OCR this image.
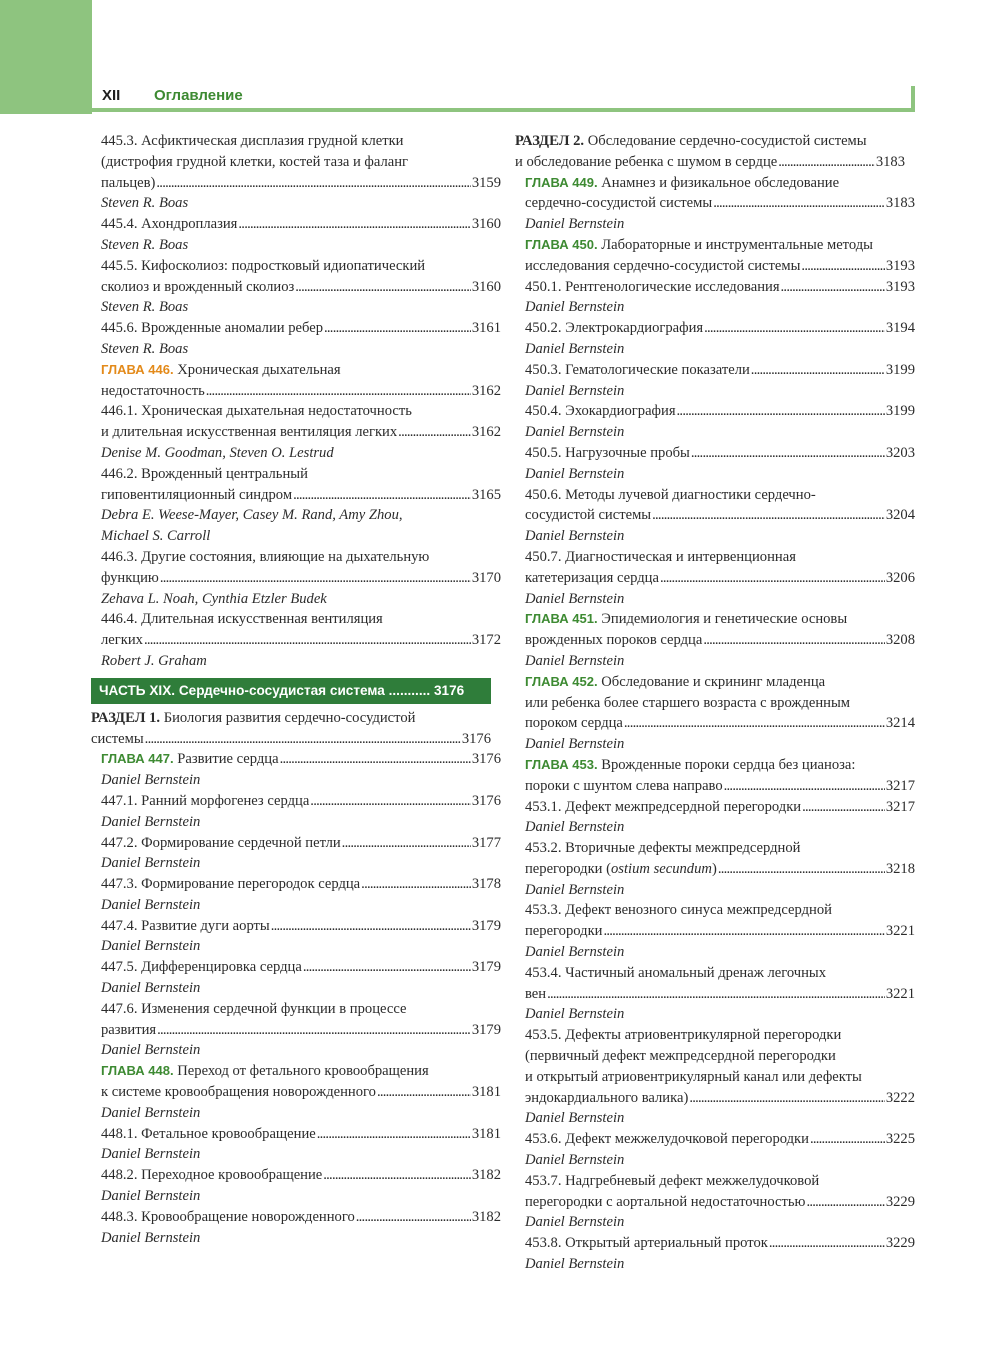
XII Оглавление
445.3. Асфиктическая дисплазия грудной клетки
(дистрофия грудной клетки, костей таза и фаланг
пальцев) . . .	3159
Steven R. Boas
445.4. Ахондроплазия . . .	3160
Steven R. Boas
445.5. Кифосколиоз: подростковый идиопатический
сколиоз и врожденный сколиоз . . .	3160
Steven R. Boas
445.6. Врожденные аномалии ребер . . .	3161
Steven R. Boas
ГЛАВА 446. Хроническая дыхательная
недостаточность . . .	3162
446.1. Хроническая дыхательная недостаточность
и длительная искусственная вентиляция легких . . .	3162
Denise M. Goodman, Steven O. Lestrud
446.2. Врожденный центральный
гиповентиляционный синдром . . .	3165
Debra E. Weese-Mayer, Casey M. Rand, Amy Zhou,
Michael S. Carroll
446.3. Другие состояния, влияющие на дыхательную
функцию . . .	3170
Zehava L. Noah, Cynthia Etzler Budek
446.4. Длительная искусственная вентиляция
легких . . .	3172
Robert J. Graham
ЧАСТЬ XIX. Сердечно-сосудистая система ........... 3176
РАЗДЕЛ 1. Биология развития сердечно-сосудистой
системы . . .	3176
ГЛАВА 447. Развитие сердца . . .	3176
Daniel Bernstein
447.1. Ранний морфогенез сердца . . .	3176
Daniel Bernstein
447.2. Формирование сердечной петли . . .	3177
Daniel Bernstein
447.3. Формирование перегородок сердца . . .	3178
Daniel Bernstein
447.4. Развитие дуги аорты . . .	3179
Daniel Bernstein
447.5. Дифференцировка сердца . . .	3179
Daniel Bernstein
447.6. Изменения сердечной функции в процессе
развития . . .	3179
Daniel Bernstein
ГЛАВА 448. Переход от фетального кровообращения
к системе кровообращения новорожденного . . .	3181
Daniel Bernstein
448.1. Фетальное кровообращение . . .	3181
Daniel Bernstein
448.2. Переходное кровообращение . . .	3182
Daniel Bernstein
448.3. Кровообращение новорожденного . . .	3182
Daniel Bernstein
РАЗДЕЛ 2. Обследование сердечно-сосудистой системы
и обследование ребенка с шумом в сердце . . .	3183
ГЛАВА 449. Анамнез и физикальное обследование
сердечно-сосудистой системы . . .	3183
Daniel Bernstein
ГЛАВА 450. Лабораторные и инструментальные методы
исследования сердечно-сосудистой системы . . .	3193
450.1. Рентгенологические исследования . . .	3193
Daniel Bernstein
450.2. Электрокардиография . . .	3194
Daniel Bernstein
450.3. Гематологические показатели . . .	3199
Daniel Bernstein
450.4. Эхокардиография . . .	3199
Daniel Bernstein
450.5. Нагрузочные пробы . . .	3203
Daniel Bernstein
450.6. Методы лучевой диагностики сердечно-
сосудистой системы . . .	3204
Daniel Bernstein
450.7. Диагностическая и интервенционная
катетеризация сердца . . .	3206
Daniel Bernstein
ГЛАВА 451. Эпидемиология и генетические основы
врожденных пороков сердца . . .	3208
Daniel Bernstein
ГЛАВА 452. Обследование и скрининг младенца
или ребенка более старшего возраста с врожденным
пороком сердца . . .	3214
Daniel Bernstein
ГЛАВА 453. Врожденные пороки сердца без цианоза:
пороки с шунтом слева направо . . .	3217
453.1. Дефект межпредсердной перегородки . . .	3217
Daniel Bernstein
453.2. Вторичные дефекты межпредсердной
перегородки (ostium secundum) . . .	3218
Daniel Bernstein
453.3. Дефект венозного синуса межпредсердной
перегородки . . .	3221
Daniel Bernstein
453.4. Частичный аномальный дренаж легочных
вен . . .	3221
Daniel Bernstein
453.5. Дефекты атриовентрикулярной перегородки
(первичный дефект межпредсердной перегородки
и открытый атриовентрикулярный канал или дефекты
эндокардиального валика) . . .	3222
Daniel Bernstein
453.6. Дефект межжелудочковой перегородки . . .	3225
Daniel Bernstein
453.7. Надгребневый дефект межжелудочковой
перегородки с аортальной недостаточностью . . .	3229
Daniel Bernstein
453.8. Открытый артериальный проток . . .	3229
Daniel Bernstein
